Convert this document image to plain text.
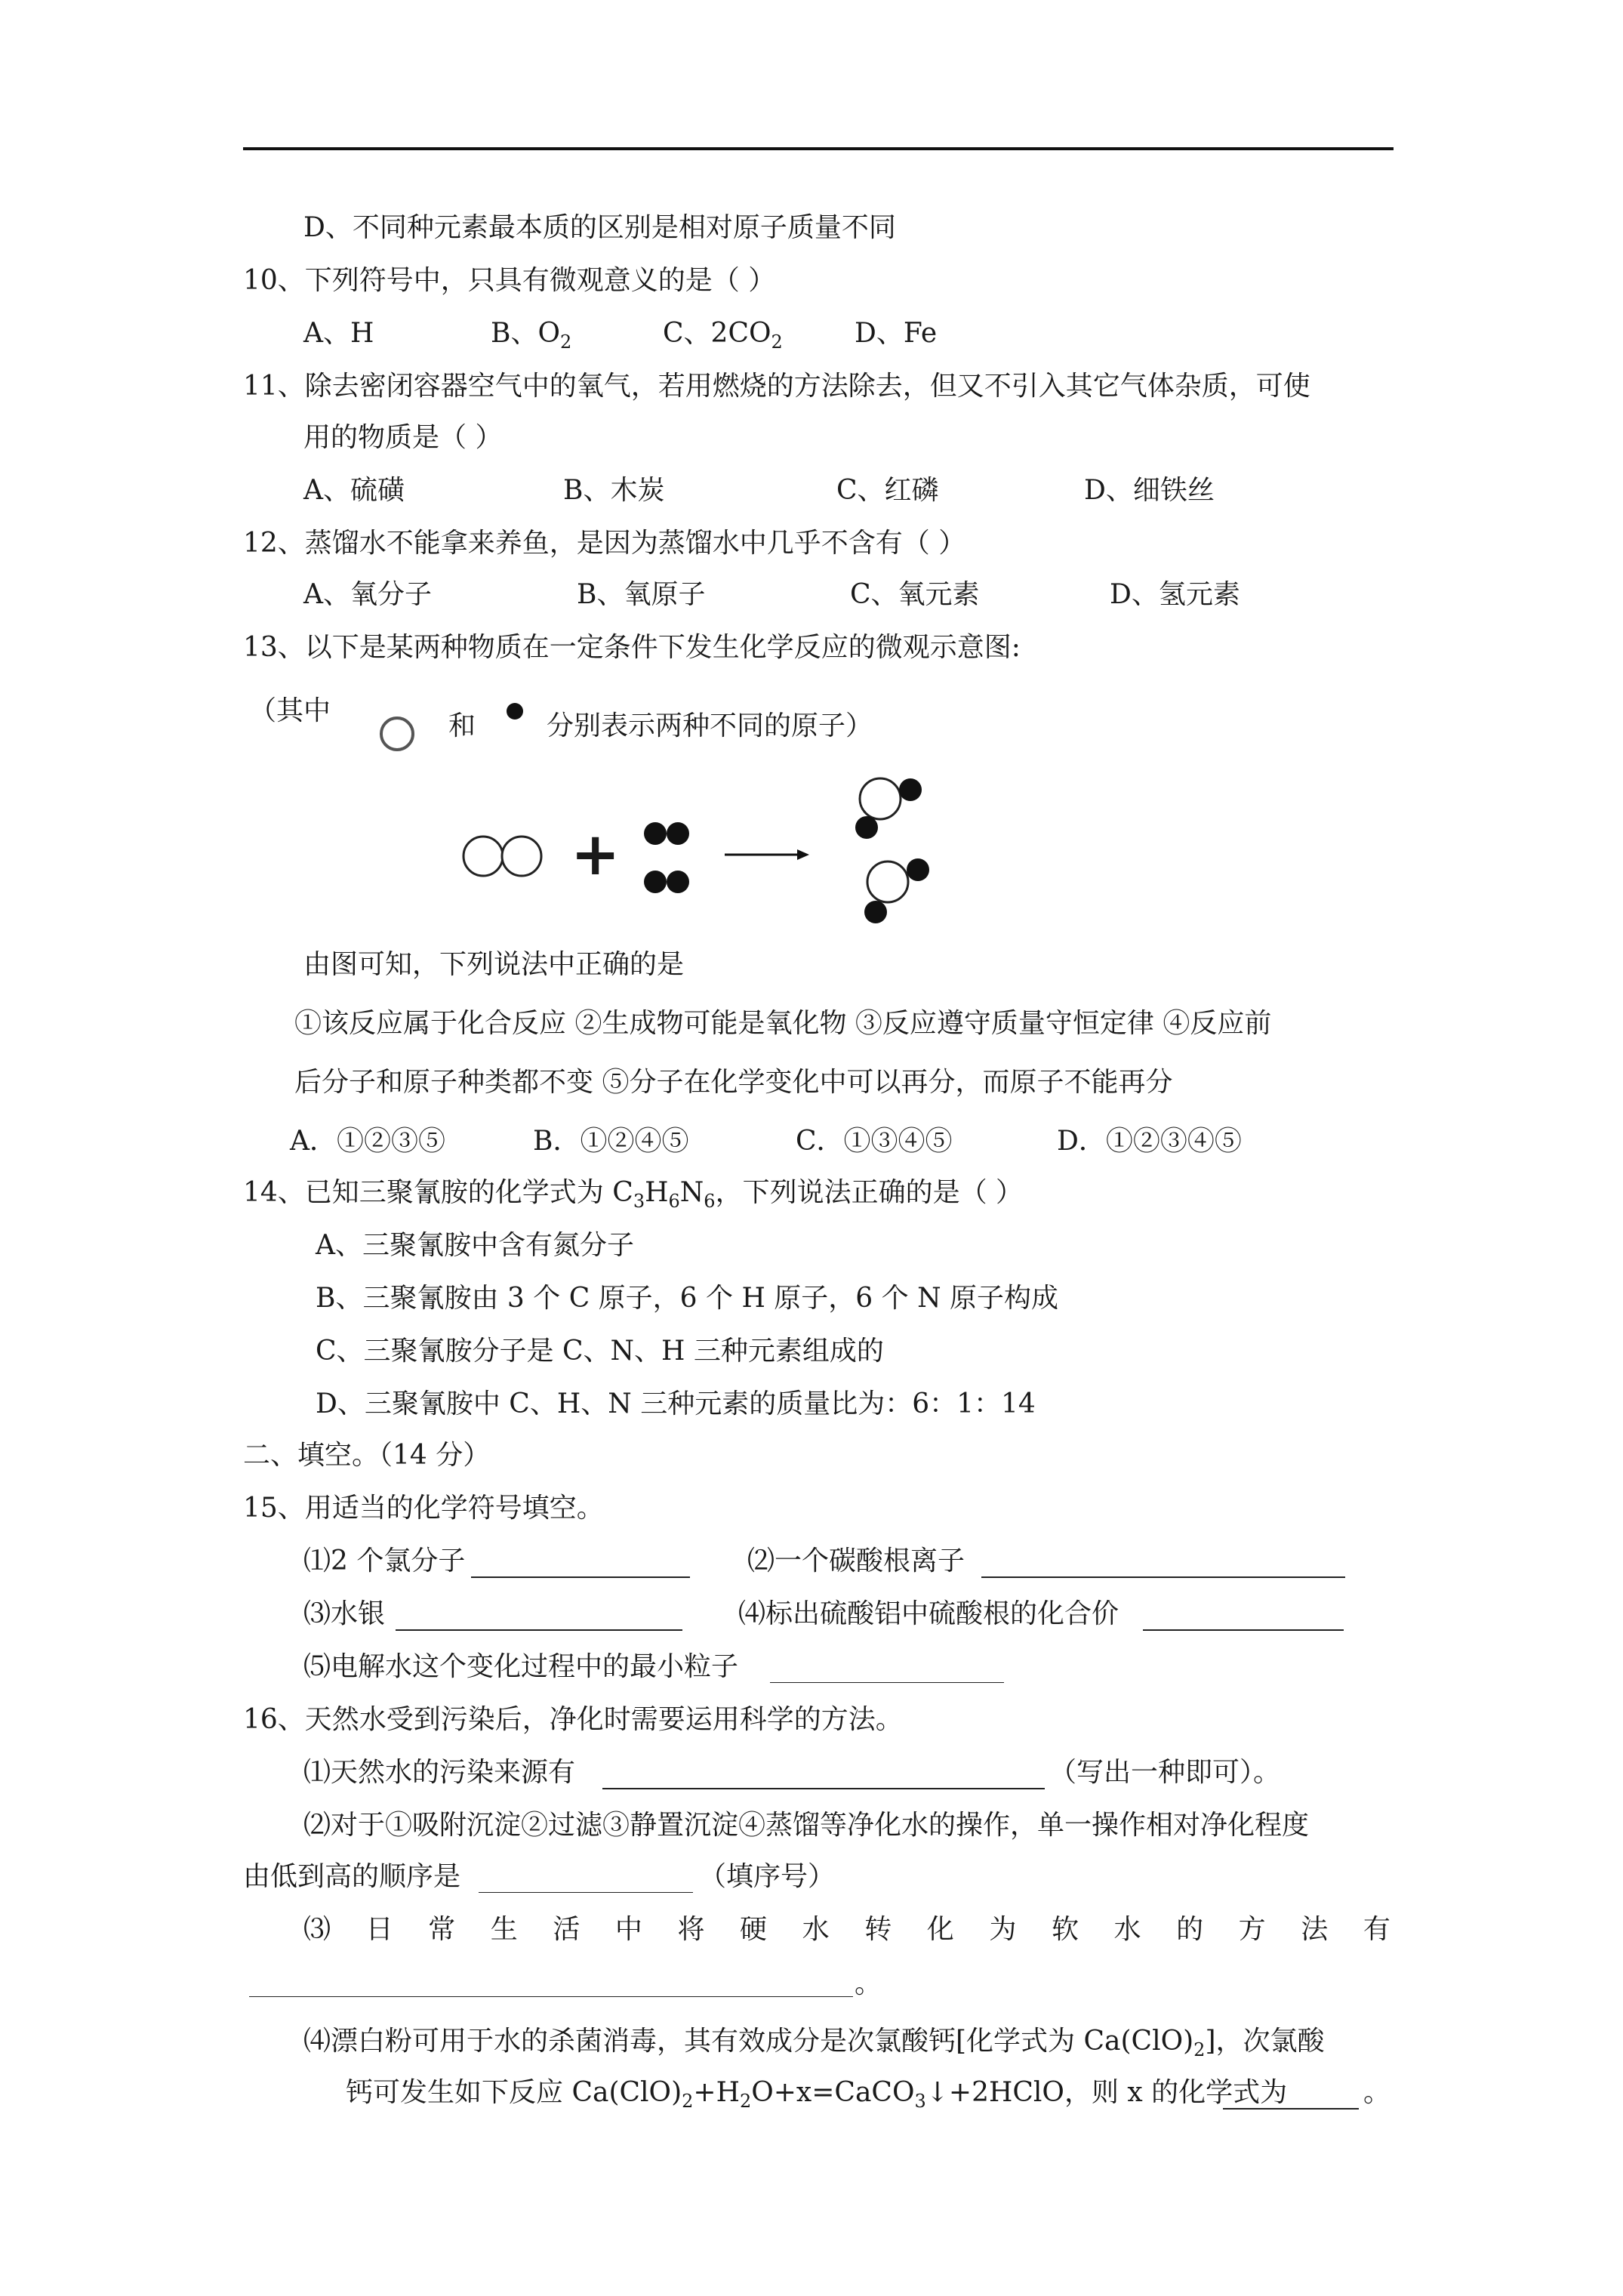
D、不同种元素最本质的区别是相对原子质量不同
10、下列符号中，只具有微观意义的是（ ）
A、H	B、$O_2$	C、$2CO_2$	D、Fe
11、除去密闭容器空气中的氧气，若用燃烧的方法除去，但又不引入其它气体杂质，可使
用的物质是（ ）
A、硫磺	B、木炭	C、红磷	D、细铁丝
12、蒸馏水不能拿来养鱼，是因为蒸馏水中几乎不含有（ ）
A、氧分子	B、氧原子	C、氧元素	D、氢元素
13、以下是某两种物质在一定条件下发生化学反应的微观示意图:
（其中	和	分别表示两种不同的原子）
+
由图可知，下列说法中正确的是
①该反应属于化合反应 ②生成物可能是氧化物 ③反应遵守质量守恒定律 ④反应前
后分子和原子种类都不变 ⑤分子在化学变化中可以再分，而原子不能再分
A．①②③⑤	B．①②④⑤	C．①③④⑤	D．①②③④⑤
14、已知三聚氰胺的化学式为 $C_3H_6N_6$，下列说法正确的是（ ）
A、三聚氰胺中含有氮分子
B、三聚氰胺由 3 个 C 原子，6 个 H 原子，6 个 N 原子构成
C、三聚氰胺分子是 C、N、H 三种元素组成的
D、三聚氰胺中 C、H、N 三种元素的质量比为：6：1：14
二、填空。（14 分）
15、用适当的化学符号填空。
⑴2 个氯分子	⑵一个碳酸根离子
⑶水银	⑷标出硫酸铝中硫酸根的化合价
⑸电解水这个变化过程中的最小粒子
16、天然水受到污染后，净化时需要运用科学的方法。
⑴天然水的污染来源有	（写出一种即可）。
⑵对于①吸附沉淀②过滤③静置沉淀④蒸馏等净化水的操作，单一操作相对净化程度
由低到高的顺序是	（填序号）
⑶ 日 常 生 活 中 将 硬 水 转 化 为 软 水 的 方 法 有
。
⑷漂白粉可用于水的杀菌消毒，其有效成分是次氯酸钙[化学式为 $Ca(ClO)_2$]，次氯酸
钙可发生如下反应 $Ca(ClO)_2+H_2O+x=CaCO_3↓+2HClO$，则 x 的化学式为	。
